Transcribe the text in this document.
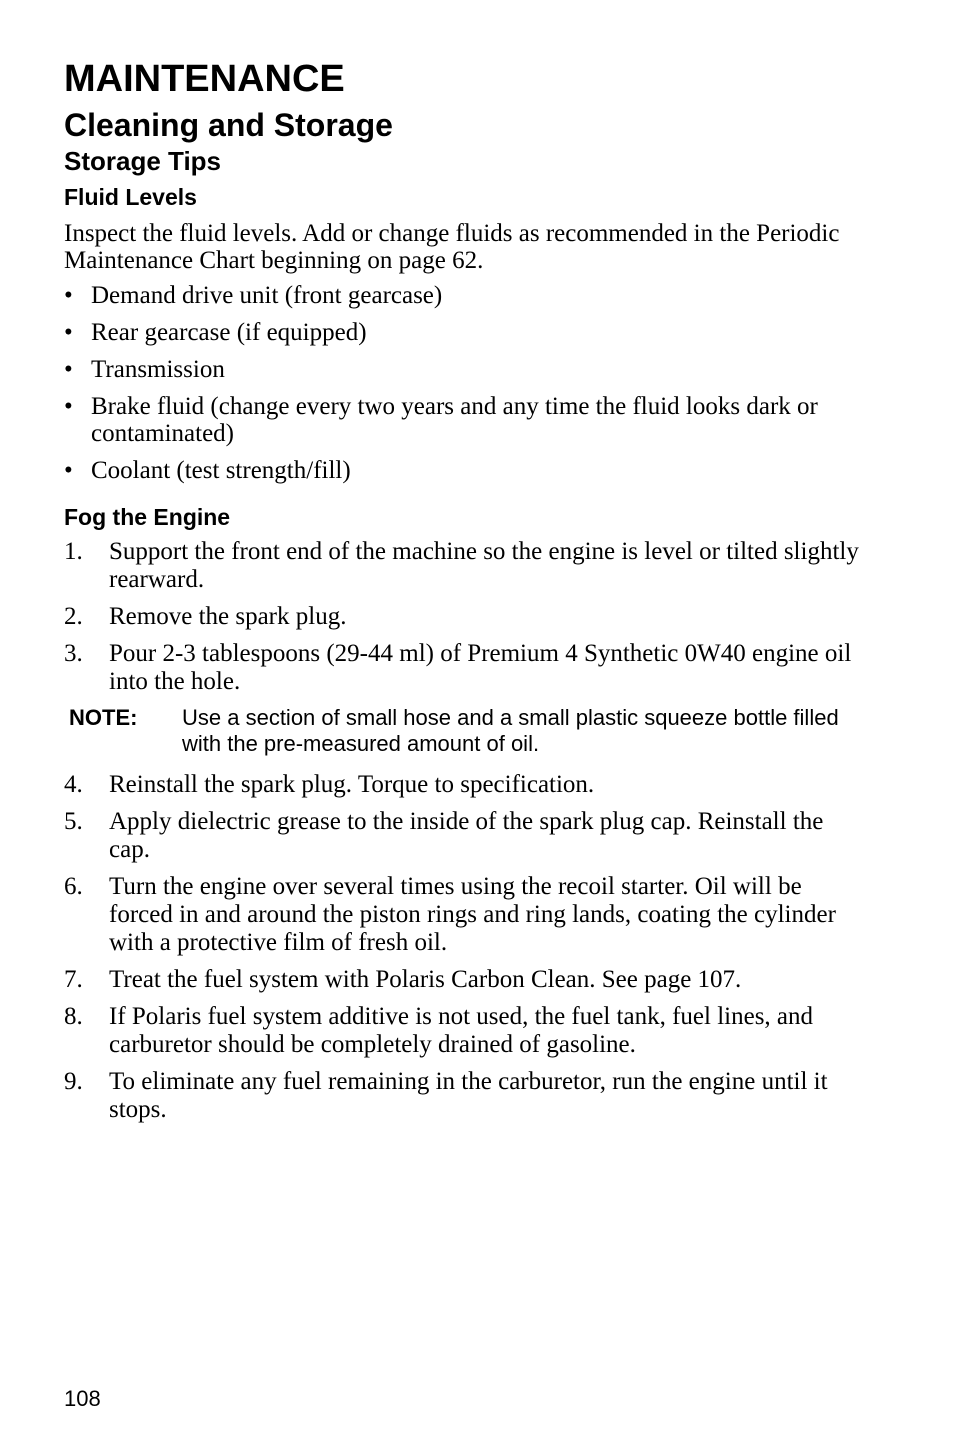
MAINTENANCE
Cleaning and Storage
Storage Tips
Fluid Levels

Inspect the fluid levels. Add or change fluids as recommended in the Periodic Maintenance Chart beginning on page 62.

• Demand drive unit (front gearcase)
• Rear gearcase (if equipped)
• Transmission
• Brake fluid (change every two years and any time the fluid looks dark or contaminated)
• Coolant (test strength/fill)
Fog the Engine
1. Support the front end of the machine so the engine is level or tilted slightly rearward.
2. Remove the spark plug.
3. Pour 2-3 tablespoons (29-44 ml) of Premium 4 Synthetic 0W40 engine oil into the hole.
NOTE:	Use a section of small hose and a small plastic squeeze bottle filled with the pre-measured amount of oil.
4. Reinstall the spark plug. Torque to specification.
5. Apply dielectric grease to the inside of the spark plug cap. Reinstall the cap.
6. Turn the engine over several times using the recoil starter. Oil will be forced in and around the piston rings and ring lands, coating the cylinder with a protective film of fresh oil.
7. Treat the fuel system with Polaris Carbon Clean. See page 107.
8. If Polaris fuel system additive is not used, the fuel tank, fuel lines, and carburetor should be completely drained of gasoline.
9. To eliminate any fuel remaining in the carburetor, run the engine until it stops.
108
